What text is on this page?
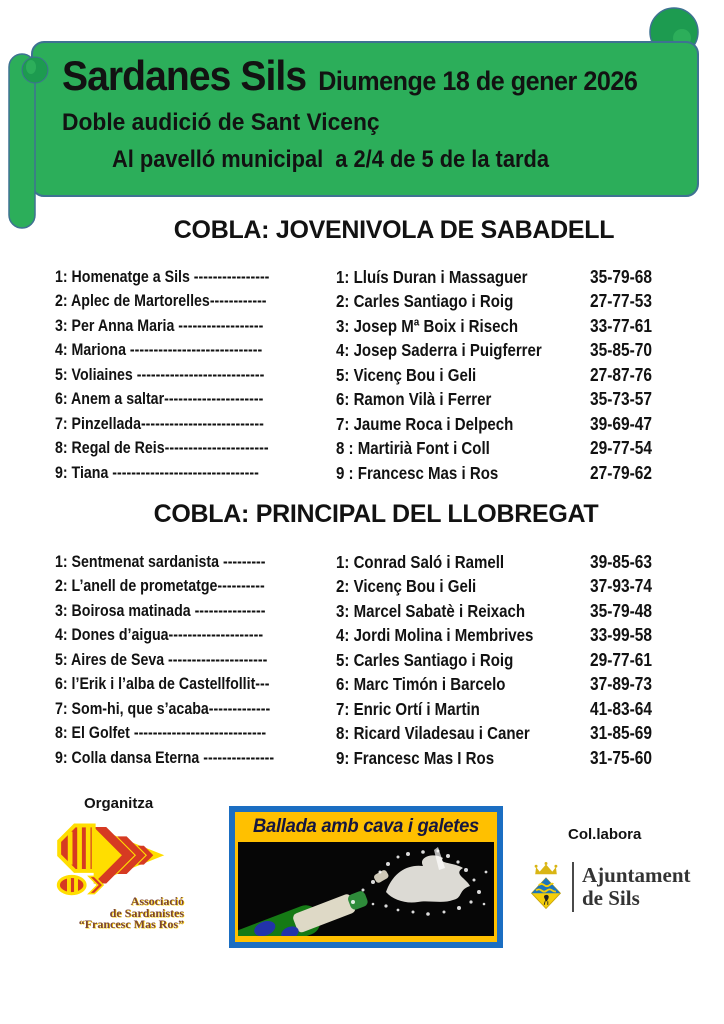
Sardanes Sils Diumenge 18 de gener 2026
Doble audició de Sant Vicenç
Al pavelló municipal  a 2/4 de 5 de la tarda
COBLA: JOVENIVOLA DE SABADELL
COBLA: PRINCIPAL DEL LLOBREGAT
1: Homenatge a Sils ----------------	1: Lluís Duran i Massaguer	35-79-68
2: Aplec de Martorelles------------	2: Carles Santiago i Roig	27-77-53
3: Per Anna Maria ------------------	3: Josep Mª Boix i Risech	33-77-61
4: Mariona ----------------------------	4: Josep Saderra i Puigferrer	35-85-70
5: Voliaines ---------------------------	5: Vicenç Bou i Geli	27-87-76
6: Anem a saltar---------------------	6: Ramon Vilà i Ferrer	35-73-57
7: Pinzellada--------------------------	7: Jaume Roca i Delpech	39-69-47
8: Regal de Reis----------------------	8 : Martirià Font i Coll	29-77-54
9: Tiana -------------------------------	9 : Francesc Mas i Ros	27-79-62
1: Sentmenat sardanista ---------	1: Conrad Saló i Ramell	39-85-63
2: L’anell de prometatge----------	2: Vicenç Bou i Geli	37-93-74
3: Boirosa matinada ---------------	3: Marcel Sabatè i Reixach	35-79-48
4: Dones d’aigua--------------------	4: Jordi Molina i Membrives	33-99-58
5: Aires de Seva ---------------------	5: Carles Santiago i Roig	29-77-61
6: l’Erik i l’alba de Castellfollit---	6: Marc Timón i Barcelo	37-89-73
7: Som-hi, que s’acaba-------------	7: Enric Ortí i Martin	41-83-64
8: El Golfet ----------------------------	8: Ricard Viladesau i Caner	31-85-69
9: Colla dansa Eterna ---------------	9: Francesc Mas I Ros	31-75-60
Organitza
Associació
de Sardanistes
“Francesc Mas Ros”
Ballada amb cava i galetes	Col.labora
Ajuntament
de Sils
